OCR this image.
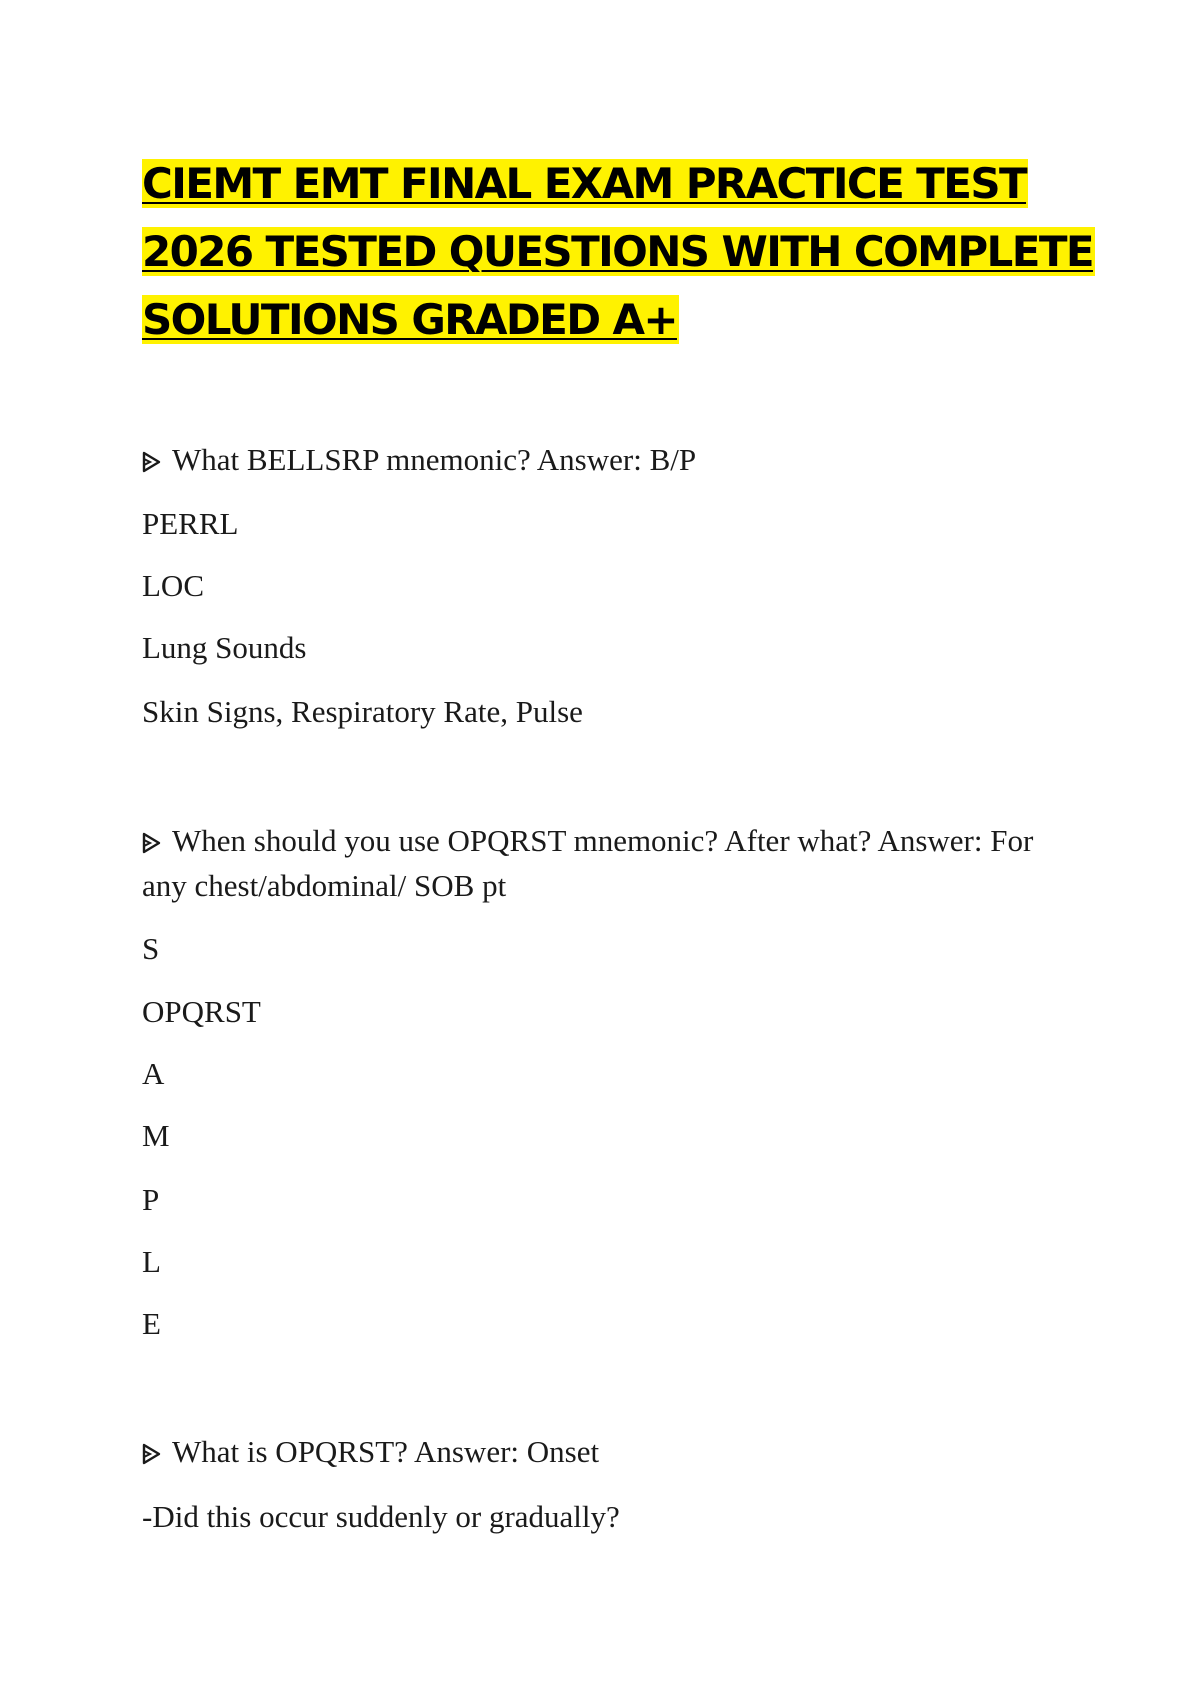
CIEMT EMT FINAL EXAM PRACTICE TEST
2026 TESTED QUESTIONS WITH COMPLETE
SOLUTIONS GRADED A+
What BELLSRP mnemonic? Answer: B/P
PERRL
LOC
Lung Sounds
Skin Signs, Respiratory Rate, Pulse
When should you use OPQRST mnemonic? After what? Answer: For
any chest/abdominal/ SOB pt
S
OPQRST
A
M
P
L
E
What is OPQRST? Answer: Onset
-Did this occur suddenly or gradually?
